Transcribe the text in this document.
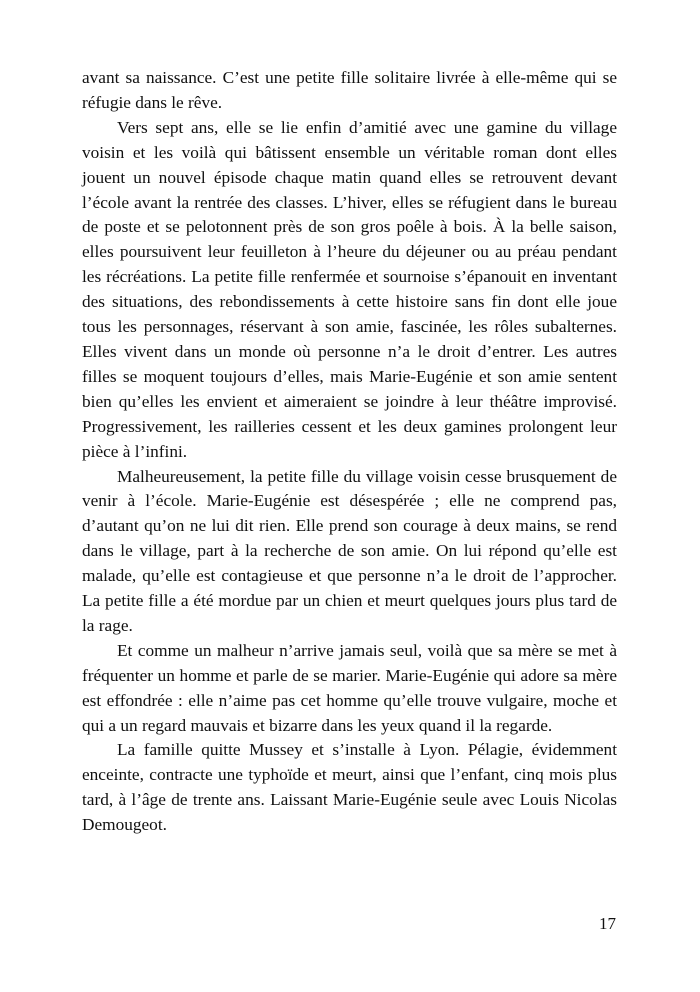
avant sa naissance. C’est une petite fille solitaire livrée à elle-même qui se réfugie dans le rêve.

Vers sept ans, elle se lie enfin d’amitié avec une gamine du village voisin et les voilà qui bâtissent ensemble un véritable roman dont elles jouent un nouvel épisode chaque matin quand elles se retrouvent devant l’école avant la rentrée des classes. L’hiver, elles se réfugient dans le bureau de poste et se pelotonnent près de son gros poêle à bois. À la belle saison, elles poursuivent leur feuilleton à l’heure du déjeuner ou au préau pendant les récréations. La petite fille renfermée et sournoise s’épanouit en inventant des situations, des rebondissements à cette histoire sans fin dont elle joue tous les personnages, réservant à son amie, fascinée, les rôles subalternes. Elles vivent dans un monde où personne n’a le droit d’entrer. Les autres filles se moquent toujours d’elles, mais Marie-Eugénie et son amie sentent bien qu’elles les envient et aimeraient se joindre à leur théâtre improvisé. Progressivement, les railleries cessent et les deux gamines prolongent leur pièce à l’infini.

Malheureusement, la petite fille du village voisin cesse brusquement de venir à l’école. Marie-Eugénie est désespérée ; elle ne comprend pas, d’autant qu’on ne lui dit rien. Elle prend son courage à deux mains, se rend dans le village, part à la recherche de son amie. On lui répond qu’elle est malade, qu’elle est contagieuse et que personne n’a le droit de l’approcher. La petite fille a été mordue par un chien et meurt quelques jours plus tard de la rage.

Et comme un malheur n’arrive jamais seul, voilà que sa mère se met à fréquenter un homme et parle de se marier. Marie-Eugénie qui adore sa mère est effondrée : elle n’aime pas cet homme qu’elle trouve vulgaire, moche et qui a un regard mauvais et bizarre dans les yeux quand il la regarde.

La famille quitte Mussey et s’installe à Lyon. Pélagie, évidemment enceinte, contracte une typhoïde et meurt, ainsi que l’enfant, cinq mois plus tard, à l’âge de trente ans. Laissant Marie-Eugénie seule avec Louis Nicolas Demougeot.

17
